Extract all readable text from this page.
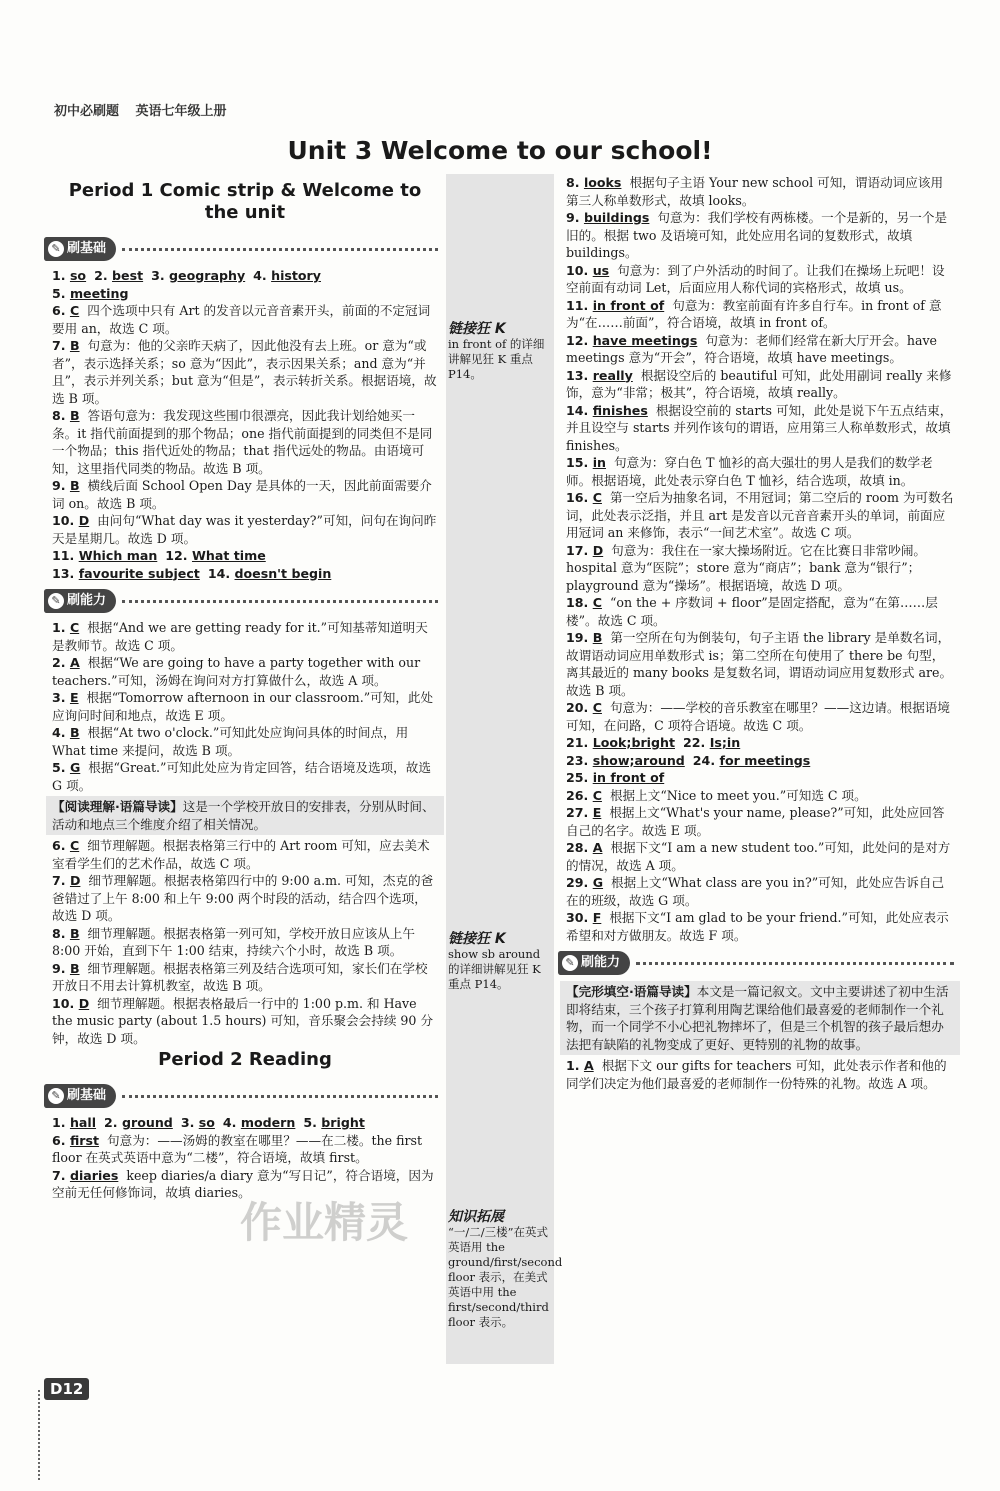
初中必刷题 英语七年级上册
Unit 3 Welcome to our school!
Period 1 Comic strip & Welcome to the unit
✎ 刷基础
1. so 2. best 3. geography 4. history
5. meeting
6. C 四个选项中只有 Art 的发音以元音音素开头，前面的不定冠词要用 an，故选 C 项。
7. B 句意为：他的父亲昨天病了，因此他没有去上班。or 意为“或者”，表示选择关系；so 意为“因此”，表示因果关系；and 意为“并且”，表示并列关系；but 意为“但是”，表示转折关系。根据语境，故选 B 项。
8. B 答语句意为：我发现这些围巾很漂亮，因此我计划给她买一条。it 指代前面提到的那个物品；one 指代前面提到的同类但不是同一个物品；this 指代近处的物品；that 指代远处的物品。由语境可知，这里指代同类的物品。故选 B 项。
9. B 横线后面 School Open Day 是具体的一天，因此前面需要介词 on。故选 B 项。
10. D 由问句“What day was it yesterday?”可知，问句在询问昨天是星期几。故选 D 项。
11. Which man 12. What time
13. favourite subject 14. doesn't begin
✎ 刷能力
1. C 根据“And we are getting ready for it.”可知基蒂知道明天是教师节。故选 C 项。
2. A 根据“We are going to have a party together with our teachers.”可知，汤姆在询问对方打算做什么，故选 A 项。
3. E 根据“Tomorrow afternoon in our classroom.”可知，此处应询问时间和地点，故选 E 项。
4. B 根据“At two o'clock.”可知此处应询问具体的时间点，用 What time 来提问，故选 B 项。
5. G 根据“Great.”可知此处应为肯定回答，结合语境及选项，故选 G 项。
【阅读理解·语篇导读】这是一个学校开放日的安排表，分别从时间、活动和地点三个维度介绍了相关情况。
6. C 细节理解题。根据表格第三行中的 Art room 可知，应去美术室看学生们的艺术作品，故选 C 项。
7. D 细节理解题。根据表格第四行中的 9:00 a.m. 可知，杰克的爸爸错过了上午 8:00 和上午 9:00 两个时段的活动，结合四个选项，故选 D 项。
8. B 细节理解题。根据表格第一列可知，学校开放日应该从上午 8:00 开始，直到下午 1:00 结束，持续六个小时，故选 B 项。
9. B 细节理解题。根据表格第三列及结合选项可知，家长们在学校开放日不用去计算机教室，故选 B 项。
10. D 细节理解题。根据表格最后一行中的 1:00 p.m. 和 Have the music party (about 1.5 hours) 可知，音乐聚会会持续 90 分钟，故选 D 项。
Period 2 Reading
✎ 刷基础
1. hall 2. ground 3. so 4. modern 5. bright
6. first 句意为：——汤姆的教室在哪里？——在二楼。the first floor 在英式英语中意为“二楼”，符合语境，故填 first。
7. diaries keep diaries/a diary 意为“写日记”，符合语境，因为空前无任何修饰词，故填 diaries。
8. looks 根据句子主语 Your new school 可知，谓语动词应该用第三人称单数形式，故填 looks。
9. buildings 句意为：我们学校有两栋楼。一个是新的，另一个是旧的。根据 two 及语境可知，此处应用名词的复数形式，故填 buildings。
10. us 句意为：到了户外活动的时间了。让我们在操场上玩吧！设空前面有动词 Let，后面应用人称代词的宾格形式，故填 us。
11. in front of 句意为：教室前面有许多自行车。in front of 意为“在……前面”，符合语境，故填 in front of。
12. have meetings 句意为：老师们经常在新大厅开会。have meetings 意为“开会”，符合语境，故填 have meetings。
13. really 根据设空后的 beautiful 可知，此处用副词 really 来修饰，意为“非常；极其”，符合语境，故填 really。
14. finishes 根据设空前的 starts 可知，此处是说下午五点结束，并且设空与 starts 并列作该句的谓语，应用第三人称单数形式，故填 finishes。
15. in 句意为：穿白色 T 恤衫的高大强壮的男人是我们的数学老师。根据语境，此处表示穿白色 T 恤衫，结合选项，故填 in。
16. C 第一空后为抽象名词，不用冠词；第二空后的 room 为可数名词，此处表示泛指，并且 art 是发音以元音音素开头的单词，前面应用冠词 an 来修饰，表示“一间艺术室”。故选 C 项。
17. D 句意为：我住在一家大操场附近。它在比赛日非常吵闹。hospital 意为“医院”；store 意为“商店”；bank 意为“银行”；playground 意为“操场”。根据语境，故选 D 项。
18. C “on the + 序数词 + floor”是固定搭配，意为“在第……层楼”。故选 C 项。
19. B 第一空所在句为倒装句，句子主语 the library 是单数名词，故谓语动词应用单数形式 is；第二空所在句使用了 there be 句型，离其最近的 many books 是复数名词，谓语动词应用复数形式 are。故选 B 项。
20. C 句意为：——学校的音乐教室在哪里？——这边请。根据语境可知，在问路，C 项符合语境。故选 C 项。
21. Look;bright 22. Is;in
23. show;around 24. for meetings
25. in front of
26. C 根据上文“Nice to meet you.”可知选 C 项。
27. E 根据上文“What's your name, please?”可知，此处应回答自己的名字。故选 E 项。
28. A 根据下文“I am a new student too.”可知，此处问的是对方的情况，故选 A 项。
29. G 根据上文“What class are you in?”可知，此处应告诉自己在的班级，故选 G 项。
30. F 根据下文“I am glad to be your friend.”可知，此处应表示希望和对方做朋友。故选 F 项。
✎ 刷能力
【完形填空·语篇导读】本文是一篇记叙文。文中主要讲述了初中生活即将结束，三个孩子打算利用陶艺课给他们最喜爱的老师制作一个礼物，而一个同学不小心把礼物摔坏了，但是三个机智的孩子最后想办法把有缺陷的礼物变成了更好、更特别的礼物的故事。
1. A 根据下文 our gifts for teachers 可知，此处表示作者和他的同学们决定为他们最喜爱的老师制作一份特殊的礼物。故选 A 项。
链接狂 K
in front of 的详细讲解见狂 K 重点 P14。
链接狂 K
show sb around 的详细讲解见狂 K 重点 P14。
知识拓展
“一/二/三楼”在英式英语用 the ground/first/second floor 表示，在美式英语中用 the first/second/third floor 表示。
作业精灵
D12
